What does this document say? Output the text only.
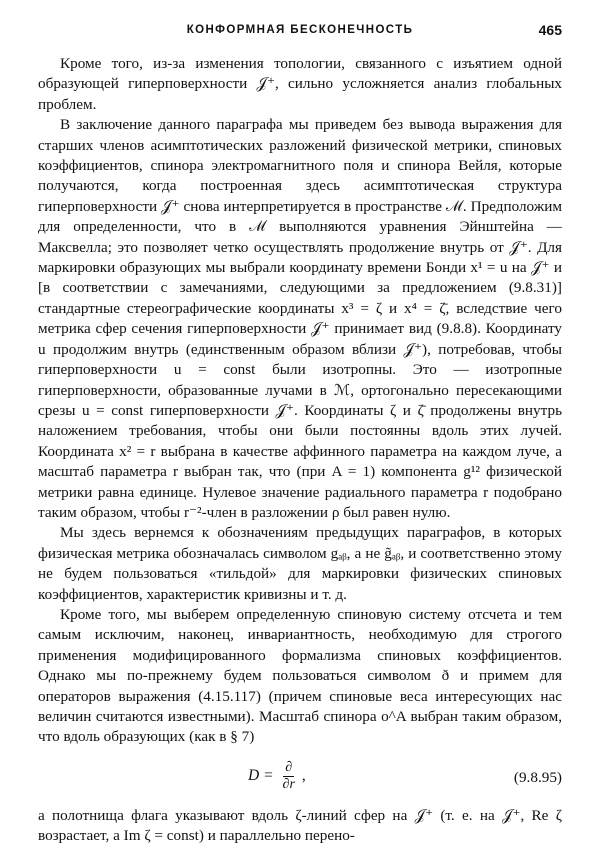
КОНФОРМНАЯ БЕСКОНЕЧНОСТЬ	465

Кроме того, из-за изменения топологии, связанного с изъятием одной образующей гиперповерхности 𝒥⁺, сильно усложняется анализ глобальных проблем.

В заключение данного параграфа мы приведем без вывода выражения для старших членов асимптотических разложений физической метрики, спиновых коэффициентов, спинора электромагнитного поля и спинора Вейля, которые получаются, когда построенная здесь асимптотическая структура гиперповерхности 𝒥⁺ снова интерпретируется в пространстве ℳ. Предположим для определенности, что в ℳ выполняются уравнения Эйнштейна — Максвелла; это позволяет четко осуществлять продолжение внутрь от 𝒥⁺. Для маркировки образующих мы выбрали координату времени Бонди x¹ = u на 𝒥⁺ и [в соответствии с замечаниями, следующими за предложением (9.8.31)] стандартные стереографические координаты x³ = ζ и x⁴ = ζ̄, вследствие чего метрика сфер сечения гиперповерхности 𝒥⁺ принимает вид (9.8.8). Координату u продолжим внутрь (единственным образом вблизи 𝒥⁺), потребовав, чтобы гиперповерхности u = const были изотропны. Это — изотропные гиперповерхности, образованные лучами в ℳ, ортогонально пересекающими срезы u = const гиперповерхности 𝒥⁺. Координаты ζ и ζ̄ продолжены внутрь наложением требования, чтобы они были постоянны вдоль этих лучей. Координата x² = r выбрана в качестве аффинного параметра на каждом луче, а масштаб параметра r выбран так, что (при A = 1) компонента g¹² физической метрики равна единице. Нулевое значение радиального параметра r подобрано таким образом, чтобы r⁻²-член в разложении ρ был равен нулю.

Мы здесь вернемся к обозначениям предыдущих параграфов, в которых физическая метрика обозначалась символом gₐᵦ, а не g̃ₐᵦ, и соответственно этому не будем пользоваться «тильдой» для маркировки физических спиновых коэффициентов, характеристик кривизны и т. д.

Кроме того, мы выберем определенную спиновую систему отсчета и тем самым исключим, наконец, инвариантность, необходимую для строгого применения модифицированного формализма спиновых коэффициентов. Однако мы по-прежнему будем пользоваться символом ð и примем для операторов выражения (4.15.117) (причем спиновые веса интересующих нас величин считаются известными). Масштаб спинора o^A выбран таким образом, что вдоль образующих (как в § 7)

$D = \frac{\partial}{\partial r}$ ,	(9.8.95)

а полотнища флага указывают вдоль ζ-линий сфер на 𝒥⁺ (т. е. на 𝒥⁺, Re ζ возрастает, а Im ζ = const) и параллельно перено-
